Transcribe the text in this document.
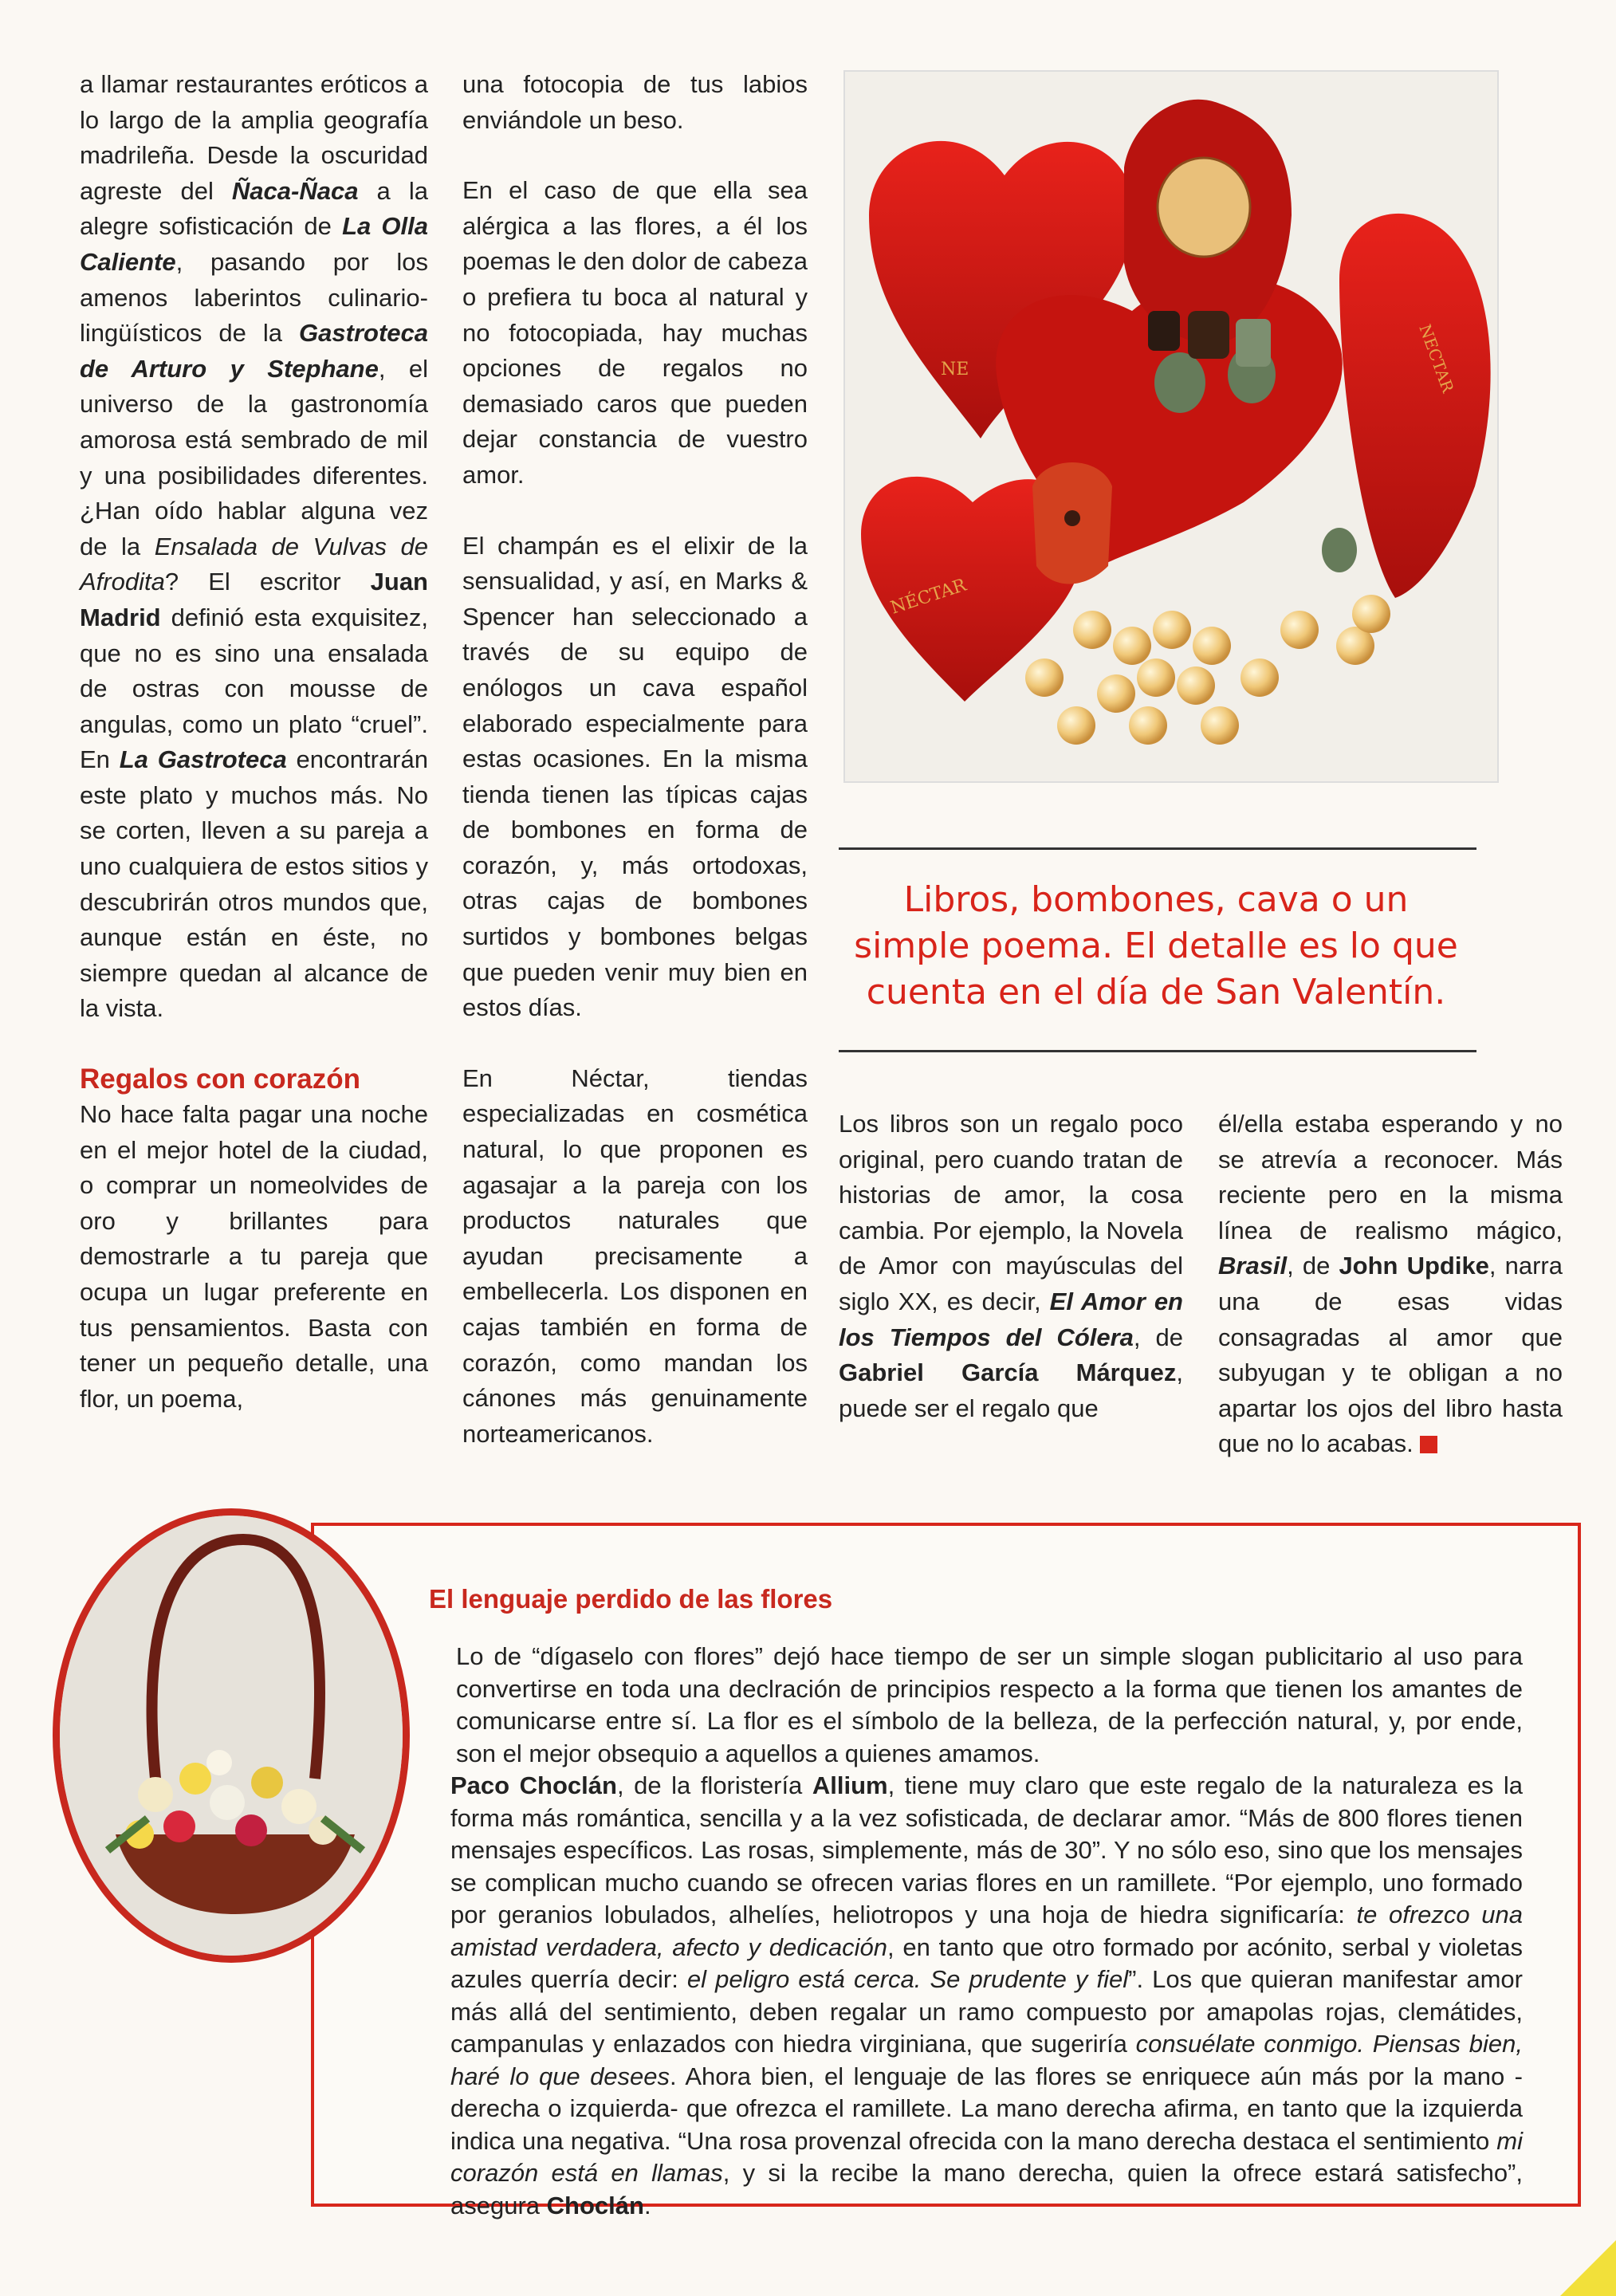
a llamar restaurantes eróticos a lo largo de la amplia geografía madrileña. Desde la oscuridad agreste del Ñaca-Ñaca a la alegre sofisticación de La Olla Caliente, pasando por los amenos laberintos culinario-lingüísticos de la Gastroteca de Arturo y Stephane, el universo de la gastronomía amorosa está sembrado de mil y una posibilidades diferentes. ¿Han oído hablar alguna vez de la Ensalada de Vulvas de Afrodita? El escritor Juan Madrid definió esta exquisitez, que no es sino una ensalada de ostras con mousse de angulas, como un plato “cruel”. En La Gastroteca encontrarán este plato y muchos más. No se corten, lleven a su pareja a uno cualquiera de estos sitios y descubrirán otros mundos que, aunque están en éste, no siempre quedan al alcance de la vista.

Regalos con corazón

No hace falta pagar una noche en el mejor hotel de la ciudad, o comprar un nomeolvides de oro y brillantes para demostrarle a tu pareja que ocupa un lugar preferente en tus pensamientos. Basta con tener un pequeño detalle, una flor, un poema,

una fotocopia de tus labios enviándole un beso.

En el caso de que ella sea alérgica a las flores, a él los poemas le den dolor de cabeza o prefiera tu boca al natural y no fotocopiada, hay muchas opciones de regalos no demasiado caros que pueden dejar constancia de vuestro amor.

El champán es el elixir de la sensualidad, y así, en Marks & Spencer han seleccionado a través de su equipo de enólogos un cava español elaborado especialmente para estas ocasiones. En la misma tienda tienen las típicas cajas de bombones en forma de corazón, y, más ortodoxas, otras cajas de bombones surtidos y bombones belgas que pueden venir muy bien en estos días.

En Néctar, tiendas especializadas en cosmética natural, lo que proponen es agasajar a la pareja con los productos naturales que ayudan precisamente a embellecerla. Los disponen en cajas también en forma de corazón, como mandan los cánones más genuinamente norteamericanos.

NE
NÉCTAR
NECTAR
Libros, bombones, cava o un simple poema. El detalle es lo que cuenta en el día de San Valentín.

Los libros son un regalo poco original, pero cuando tratan de historias de amor, la cosa cambia. Por ejemplo, la Novela de Amor con mayúsculas del siglo XX, es decir, El Amor en los Tiempos del Cólera, de Gabriel García Márquez, puede ser el regalo que

él/ella estaba esperando y no se atrevía a reconocer. Más reciente pero en la misma línea de realismo mágico, Brasil, de John Updike, narra una de esas vidas consagradas al amor que subyugan y te obligan a no apartar los ojos del libro hasta que no lo acabas.

El lenguaje perdido de las flores

Lo de “dígaselo con flores” dejó hace tiempo de ser un simple slogan publicitario al uso para convertirse en toda una declración de principios respecto a la forma que tienen los amantes de comunicarse entre sí. La flor es el símbolo de la belleza, de la perfección natural, y, por ende, son el mejor obsequio a aquellos a quienes amamos.

Paco Choclán, de la floristería Allium, tiene muy claro que este regalo de la naturaleza es la forma más romántica, sencilla y a la vez sofisticada, de declarar amor. “Más de 800 flores tienen mensajes específicos. Las rosas, simplemente, más de 30”. Y no sólo eso, sino que los mensajes se complican mucho cuando se ofrecen varias flores en un ramillete. “Por ejemplo, uno formado por geranios lobulados, alhelíes, heliotropos y una hoja de hiedra significaría: te ofrezco una amistad verdadera, afecto y dedicación, en tanto que otro formado por acónito, serbal y violetas azules querría decir: el peligro está cerca. Se prudente y fiel”. Los que quieran manifestar amor más allá del sentimiento, deben regalar un ramo compuesto por amapolas rojas, clemátides, campanulas y enlazados con hiedra virginiana, que sugeriría consuélate conmigo. Piensas bien, haré lo que desees. Ahora bien, el lenguaje de las flores se enriquece aún más por la mano -derecha o izquierda- que ofrezca el ramillete. La mano derecha afirma, en tanto que la izquierda indica una negativa. “Una rosa provenzal ofrecida con la mano derecha destaca el sentimiento mi corazón está en llamas, y si la recibe la mano derecha, quien la ofrece estará satisfecho”, asegura Choclán.
